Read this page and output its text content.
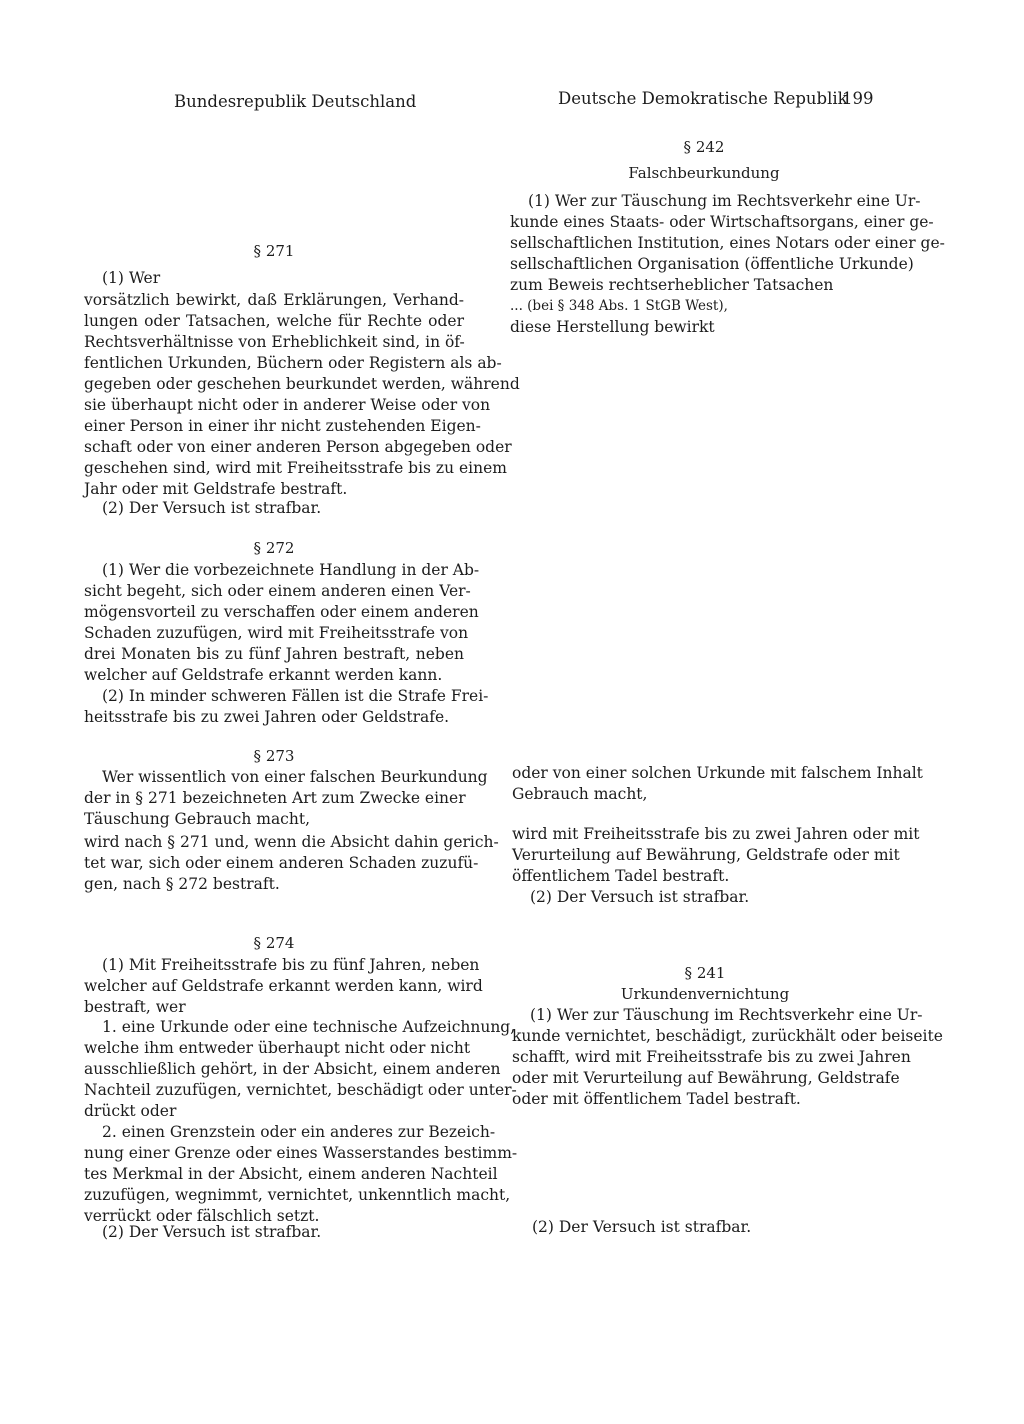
Bundesrepublik Deutschland	Deutsche Demokratische Republik
199
§ 271
(1) Wer
vorsätzlich bewirkt, daß Erklärungen, Verhand-
lungen oder Tatsachen, welche für Rechte oder
Rechtsverhältnisse von Erheblichkeit sind, in öf-
fentlichen Urkunden, Büchern oder Registern als ab-
gegeben oder geschehen beurkundet werden, während
sie überhaupt nicht oder in anderer Weise oder von
einer Person in einer ihr nicht zustehenden Eigen-
schaft oder von einer anderen Person abgegeben oder
geschehen sind, wird mit Freiheitsstrafe bis zu einem
Jahr oder mit Geldstrafe bestraft.
(2) Der Versuch ist strafbar.
§ 272
(1) Wer die vorbezeichnete Handlung in der Ab-
sicht begeht, sich oder einem anderen einen Ver-
mögensvorteil zu verschaffen oder einem anderen
Schaden zuzufügen, wird mit Freiheitsstrafe von
drei Monaten bis zu fünf Jahren bestraft, neben
welcher auf Geldstrafe erkannt werden kann.
(2) In minder schweren Fällen ist die Strafe Frei-
heitsstrafe bis zu zwei Jahren oder Geldstrafe.
§ 273
Wer wissentlich von einer falschen Beurkundung
der in § 271 bezeichneten Art zum Zwecke einer
Täuschung Gebrauch macht,
wird nach § 271 und, wenn die Absicht dahin gerich-
tet war, sich oder einem anderen Schaden zuzufü-
gen, nach § 272 bestraft.
§ 274
(1) Mit Freiheitsstrafe bis zu fünf Jahren, neben
welcher auf Geldstrafe erkannt werden kann, wird
bestraft, wer
1. eine Urkunde oder eine technische Aufzeichnung,
welche ihm entweder überhaupt nicht oder nicht
ausschließlich gehört, in der Absicht, einem anderen
Nachteil zuzufügen, vernichtet, beschädigt oder unter-
drückt oder
2. einen Grenzstein oder ein anderes zur Bezeich-
nung einer Grenze oder eines Wasserstandes bestimm-
tes Merkmal in der Absicht, einem anderen Nachteil
zuzufügen, wegnimmt, vernichtet, unkenntlich macht,
verrückt oder fälschlich setzt.
(2) Der Versuch ist strafbar.
§ 242
Falschbeurkundung
(1) Wer zur Täuschung im Rechtsverkehr eine Ur-
kunde eines Staats- oder Wirtschaftsorgans, einer ge-
sellschaftlichen Institution, eines Notars oder einer ge-
sellschaftlichen Organisation (öffentliche Urkunde)
zum Beweis rechtserheblicher Tatsachen
... (bei § 348 Abs. 1 StGB West),
diese Herstellung bewirkt
oder von einer solchen Urkunde mit falschem Inhalt
Gebrauch macht,
wird mit Freiheitsstrafe bis zu zwei Jahren oder mit
Verurteilung auf Bewährung, Geldstrafe oder mit
öffentlichem Tadel bestraft.
(2) Der Versuch ist strafbar.
§ 241
Urkundenvernichtung
(1) Wer zur Täuschung im Rechtsverkehr eine Ur-
kunde vernichtet, beschädigt, zurückhält oder beiseite
schafft, wird mit Freiheitsstrafe bis zu zwei Jahren
oder mit Verurteilung auf Bewährung, Geldstrafe
oder mit öffentlichem Tadel bestraft.
(2) Der Versuch ist strafbar.
